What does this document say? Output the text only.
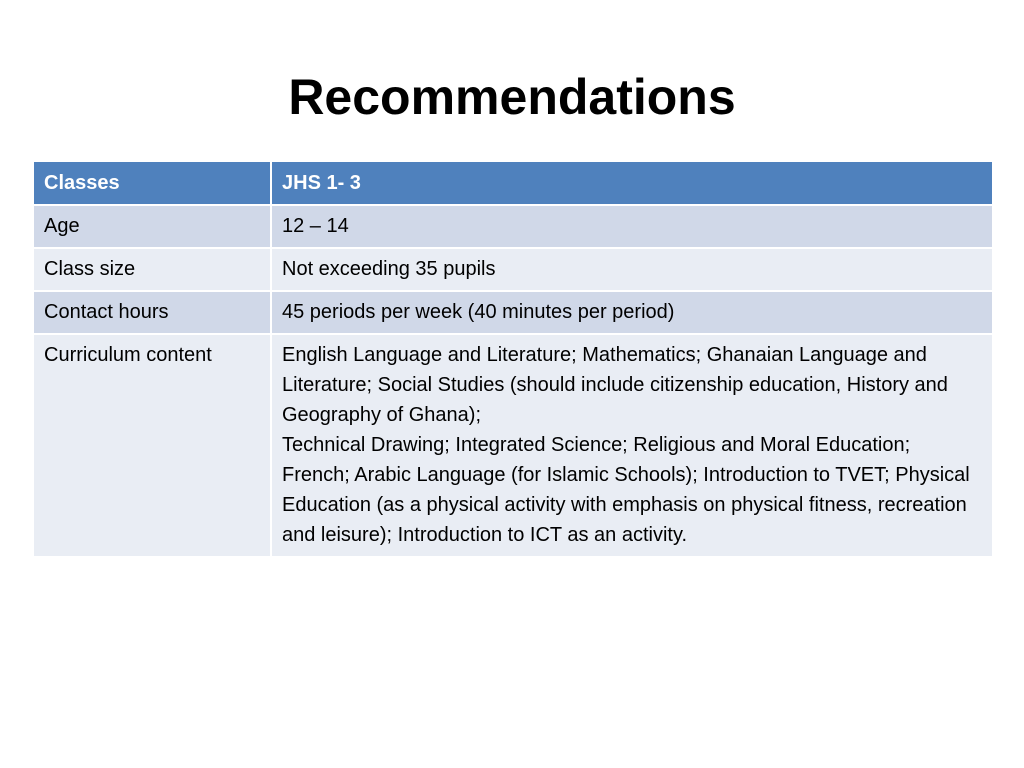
Recommendations
Classes	JHS 1- 3
Age	12 – 14

Class size	Not exceeding 35 pupils

Contact hours	45 periods per week (40 minutes per period)

Curriculum content	English Language and Literature; Mathematics; Ghanaian Language and Literature; Social Studies (should include citizenship education, History and Geography of Ghana);
Technical Drawing; Integrated Science; Religious and Moral Education;
French; Arabic Language (for Islamic Schools); Introduction to TVET; Physical Education (as a physical activity with emphasis on physical fitness, recreation and leisure); Introduction to ICT as an activity.
